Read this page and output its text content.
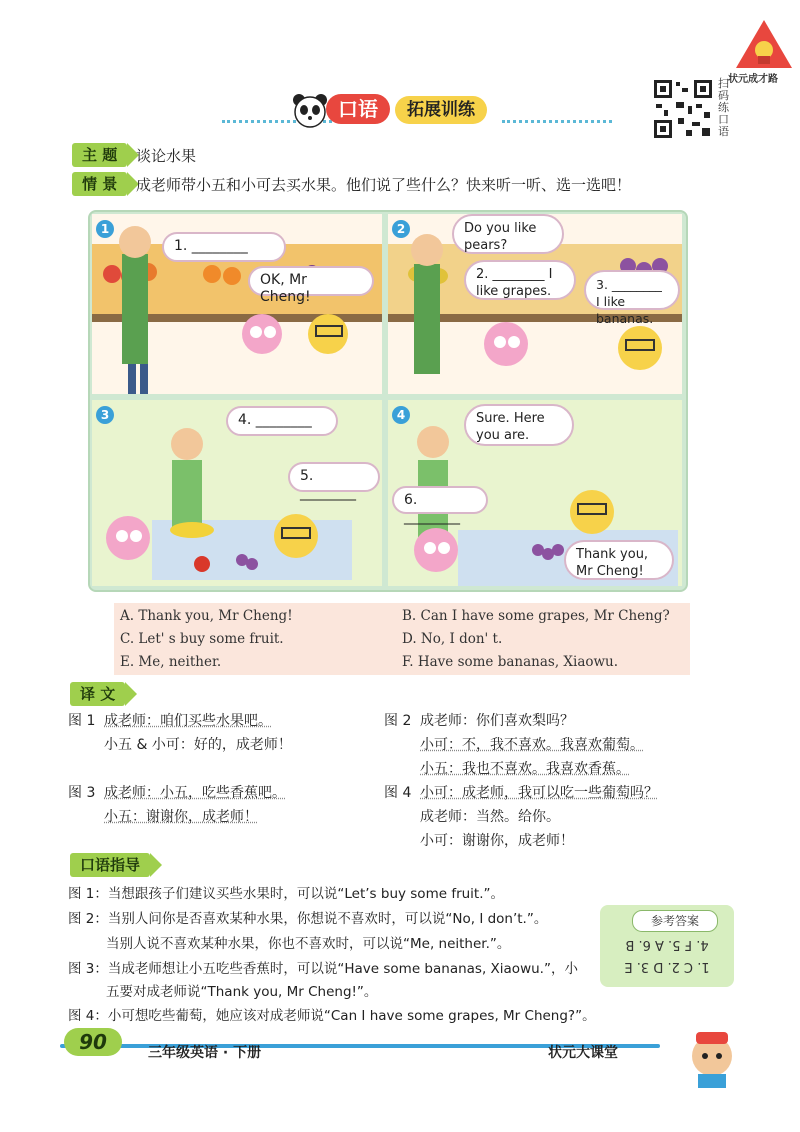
状元成才路
扫码练口语
口语	拓展训练
主 题	谈论水果
情 景	成老师带小五和小可去买水果。他们说了些什么？快来听一听、选一选吧！
1
1. ________
OK, Mr Cheng!
2	Do you like pears?
2. ________ I like grapes.	3. ________ I like bananas.
3	4. ________
5. ________
4	Sure. Here you are.
6. ________
Thank you, Mr Cheng!
A. Thank you, Mr Cheng!	B. Can I have some grapes, Mr Cheng?
C. Let' s buy some fruit.	D. No, I don' t.
E. Me, neither.	F. Have some bananas, Xiaowu.
译 文
图 1 成老师：咱们买些水果吧。
小五 & 小可：好的，成老师！
图 3 成老师：小五，吃些香蕉吧。
小五：谢谢你，成老师！
图 2 成老师：你们喜欢梨吗？
小可：不，我不喜欢。我喜欢葡萄。
小五：我也不喜欢。我喜欢香蕉。
图 4 小可：成老师，我可以吃一些葡萄吗？
成老师：当然。给你。
小可：谢谢你，成老师！
口语指导
图 1：当想跟孩子们建议买些水果时，可以说“Let’s buy some fruit.”。
图 2：当别人问你是否喜欢某种水果，你想说不喜欢时，可以说“No, I don’t.”。
当别人说不喜欢某种水果，你也不喜欢时，可以说“Me, neither.”。
图 3：当成老师想让小五吃些香蕉时，可以说“Have some bananas, Xiaowu.”，小
五要对成老师说“Thank you, Mr Cheng!”。
图 4：小可想吃些葡萄，她应该对成老师说“Can I have some grapes, Mr Cheng?”。
参考答案
4. F 5. A 6. B
1. C 2. D 3. E
90	三年级英语 · 下册	状元大课堂
